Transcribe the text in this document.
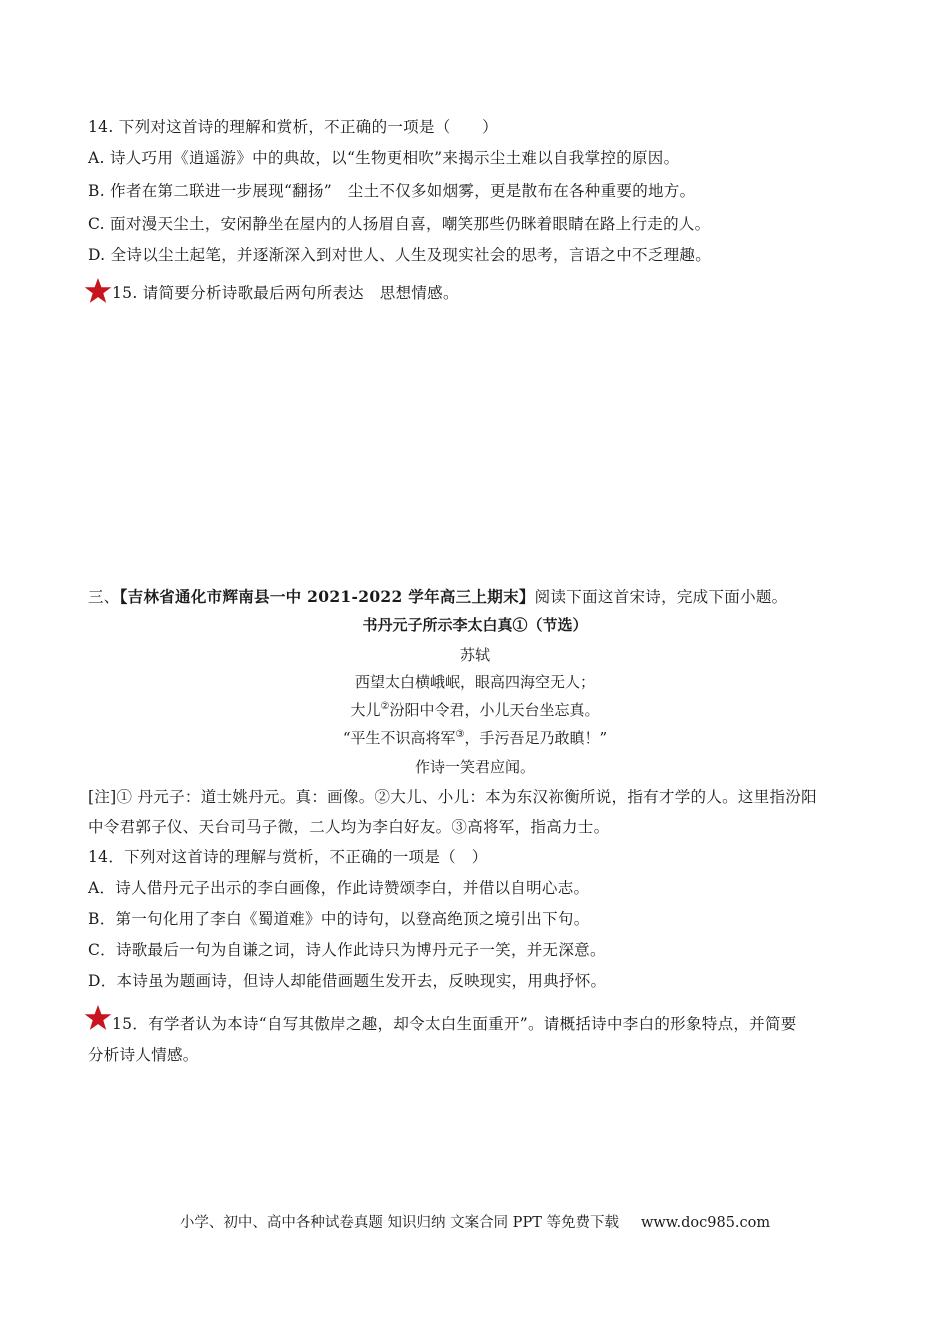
14. 下列对这首诗的理解和赏析，不正确的一项是（　　）
A. 诗人巧用《逍遥游》中的典故，以“生物更相吹”来揭示尘土难以自我掌控的原因。
B. 作者在第二联进一步展现“翻扬”　尘土不仅多如烟雾，更是散布在各种重要的地方。
C. 面对漫天尘土，安闲静坐在屋内的人扬眉自喜，嘲笑那些仍眯着眼睛在路上行走的人。
D. 全诗以尘土起笔，并逐渐深入到对世人、人生及现实社会的思考，言语之中不乏理趣。
15. 请简要分析诗歌最后两句所表达　思想情感。
三、【吉林省通化市辉南县一中 2021-2022 学年高三上期末】阅读下面这首宋诗，完成下面小题。
书丹元子所示李太白真①（节选）
苏轼
西望太白横峨岷，眼高四海空无人；
大儿②汾阳中令君，小儿天台坐忘真。
“平生不识高将军③，手污吾足乃敢瞋！”
作诗一笑君应闻。
[注]① 丹元子：道士姚丹元。真：画像。②大儿、小儿：本为东汉祢衡所说，指有才学的人。这里指汾阳
中令君郭子仪、天台司马子微，二人均为李白好友。③高将军，指高力士。
14．下列对这首诗的理解与赏析，不正确的一项是（　）
A．诗人借丹元子出示的李白画像，作此诗赞颂李白，并借以自明心志。
B．第一句化用了李白《蜀道难》中的诗句，以登高绝顶之境引出下句。
C．诗歌最后一句为自谦之词，诗人作此诗只为博丹元子一笑，并无深意。
D．本诗虽为题画诗，但诗人却能借画题生发开去，反映现实，用典抒怀。
15．有学者认为本诗“自写其傲岸之趣，却令太白生面重开”。请概括诗中李白的形象特点，并简要
分析诗人情感。
小学、初中、高中各种试卷真题 知识归纳 文案合同 PPT 等免费下载 www.doc985.com
